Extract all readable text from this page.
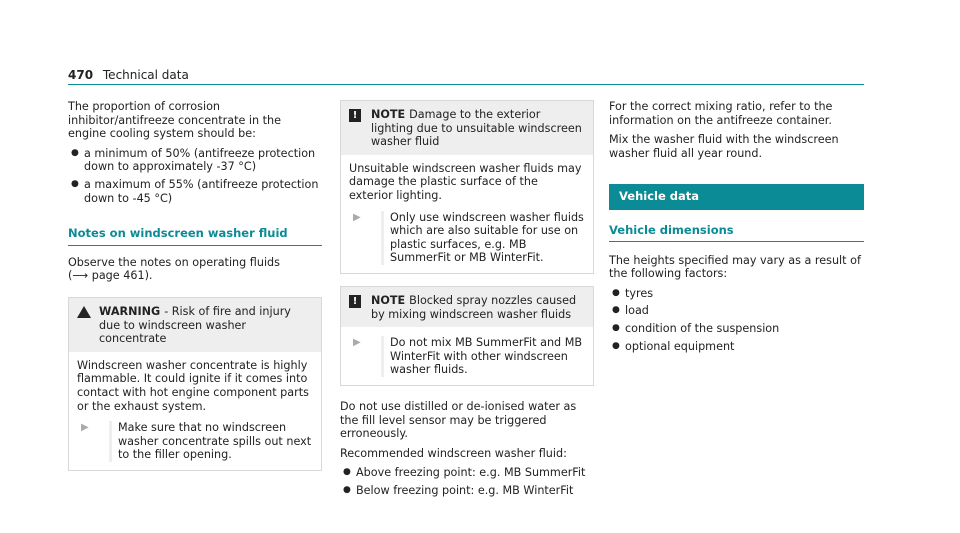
470 Technical data

The proportion of corrosion inhibitor/antifreeze concentrate in the engine cooling system should be:

● a minimum of 50% (antifreeze protection down to approximately -37 °C)
● a maximum of 55% (antifreeze protection down to -45 °C)
Notes on windscreen washer fluid

Observe the notes on operating fluids
(⟶ page 461).

WARNING - Risk of fire and injury due to windscreen washer concentrate
Windscreen washer concentrate is highly flammable. It could ignite if it comes into contact with hot engine component parts or the exhaust system.
▶	Make sure that no windscreen washer concentrate spills out next to the filler opening.
!	NOTE Damage to the exterior lighting due to unsuitable windscreen washer fluid
Unsuitable windscreen washer fluids may damage the plastic surface of the exterior lighting.
▶	Only use windscreen washer fluids which are also suitable for use on plastic surfaces, e.g. MB SummerFit or MB WinterFit.
!	NOTE Blocked spray nozzles caused by mixing windscreen washer fluids
▶	Do not mix MB SummerFit and MB WinterFit with other windscreen washer fluids.

Do not use distilled or de-ionised water as the fill level sensor may be triggered erroneously.

Recommended windscreen washer fluid:

● Above freezing point: e.g. MB SummerFit
● Below freezing point: e.g. MB WinterFit

For the correct mixing ratio, refer to the information on the antifreeze container.

Mix the washer fluid with the windscreen washer fluid all year round.

Vehicle data
Vehicle dimensions

The heights specified may vary as a result of the following factors:

● tyres
● load
● condition of the suspension
● optional equipment
